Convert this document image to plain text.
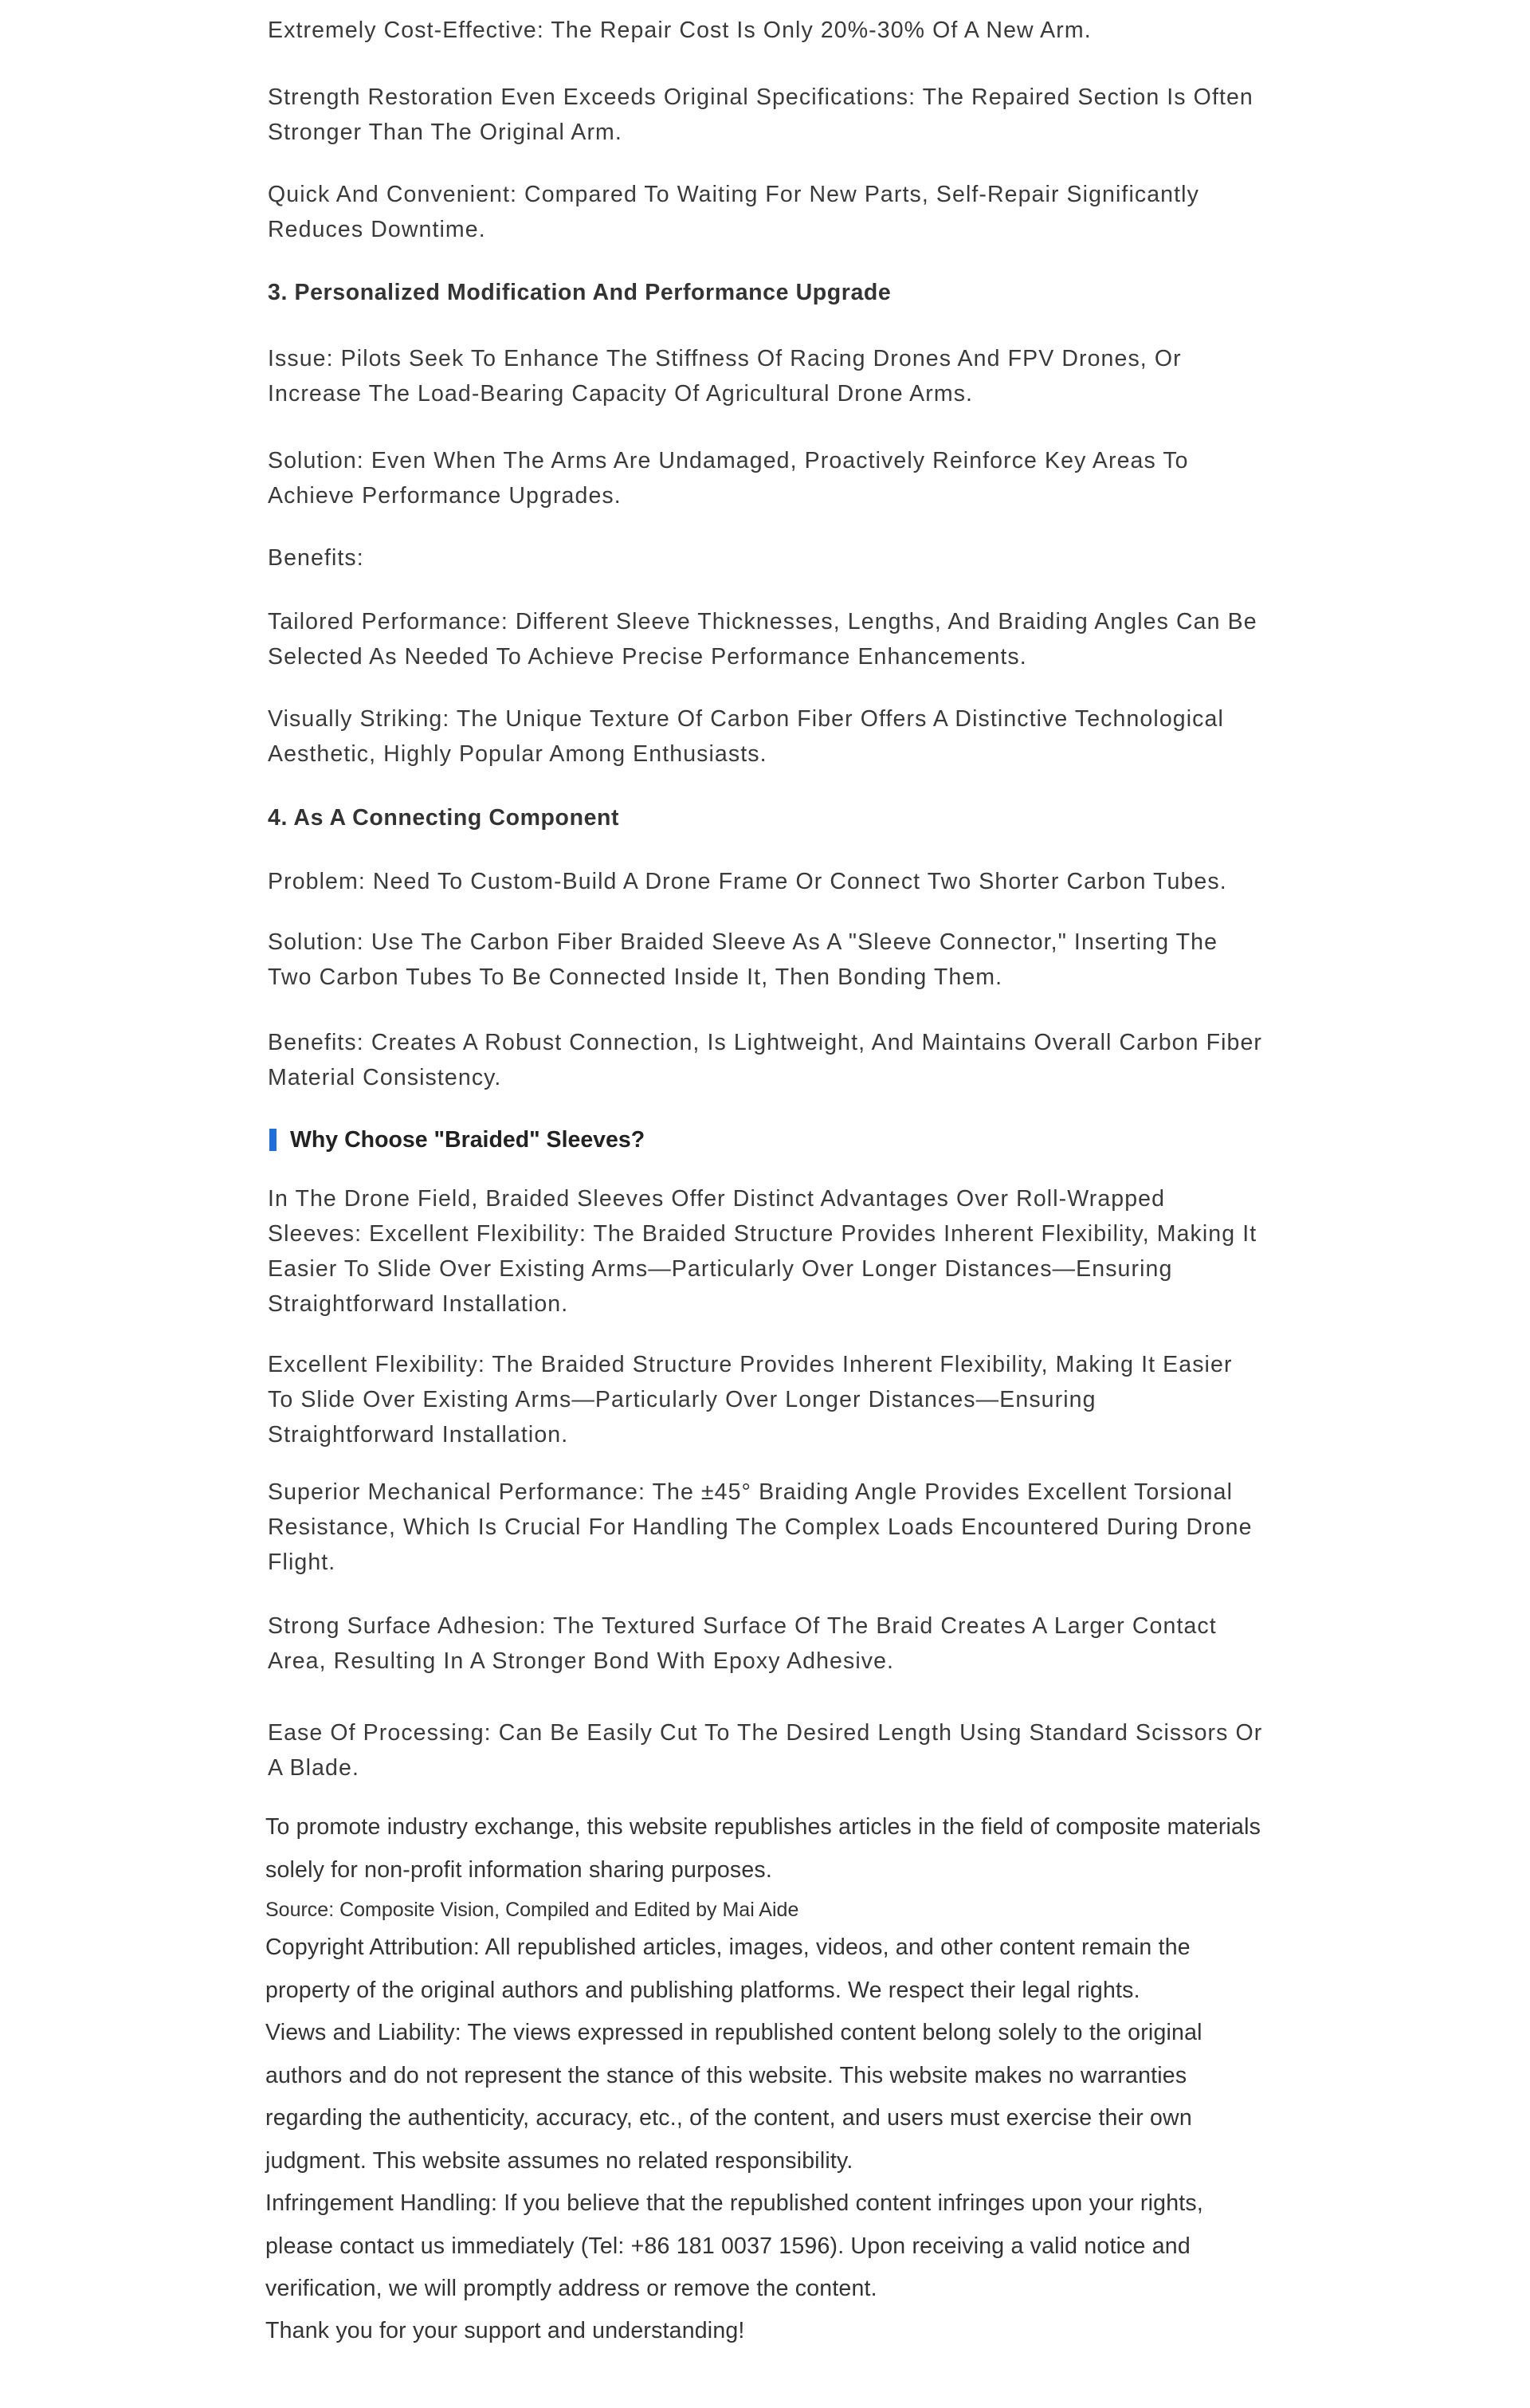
Extremely Cost-Effective: The Repair Cost Is Only 20%-30% Of A New Arm.

Strength Restoration Even Exceeds Original Specifications: The Repaired Section Is Often Stronger Than The Original Arm.

Quick And Convenient: Compared To Waiting For New Parts, Self-Repair Significantly Reduces Downtime.

3. Personalized Modification And Performance Upgrade

Issue: Pilots Seek To Enhance The Stiffness Of Racing Drones And FPV Drones, Or Increase The Load-Bearing Capacity Of Agricultural Drone Arms.

Solution: Even When The Arms Are Undamaged, Proactively Reinforce Key Areas To Achieve Performance Upgrades.

Benefits:

Tailored Performance: Different Sleeve Thicknesses, Lengths, And Braiding Angles Can Be Selected As Needed To Achieve Precise Performance Enhancements.

Visually Striking: The Unique Texture Of Carbon Fiber Offers A Distinctive Technological Aesthetic, Highly Popular Among Enthusiasts.

4. As A Connecting Component

Problem: Need To Custom-Build A Drone Frame Or Connect Two Shorter Carbon Tubes.

Solution: Use The Carbon Fiber Braided Sleeve As A "Sleeve Connector," Inserting The Two Carbon Tubes To Be Connected Inside It, Then Bonding Them.

Benefits: Creates A Robust Connection, Is Lightweight, And Maintains Overall Carbon Fiber Material Consistency.

Why Choose "Braided" Sleeves?

In The Drone Field, Braided Sleeves Offer Distinct Advantages Over Roll-Wrapped Sleeves: Excellent Flexibility: The Braided Structure Provides Inherent Flexibility, Making It Easier To Slide Over Existing Arms—Particularly Over Longer Distances—Ensuring Straightforward Installation.

Excellent Flexibility: The Braided Structure Provides Inherent Flexibility, Making It Easier To Slide Over Existing Arms—Particularly Over Longer Distances—Ensuring Straightforward Installation.

Superior Mechanical Performance: The ±45° Braiding Angle Provides Excellent Torsional Resistance, Which Is Crucial For Handling The Complex Loads Encountered During Drone Flight.

Strong Surface Adhesion: The Textured Surface Of The Braid Creates A Larger Contact Area, Resulting In A Stronger Bond With Epoxy Adhesive.

Ease Of Processing: Can Be Easily Cut To The Desired Length Using Standard Scissors Or A Blade.

To promote industry exchange, this website republishes articles in the field of composite materials solely for non-profit information sharing purposes.

Source: Composite Vision, Compiled and Edited by Mai Aide

Copyright Attribution: All republished articles, images, videos, and other content remain the property of the original authors and publishing platforms. We respect their legal rights.

Views and Liability: The views expressed in republished content belong solely to the original authors and do not represent the stance of this website. This website makes no warranties regarding the authenticity, accuracy, etc., of the content, and users must exercise their own judgment. This website assumes no related responsibility.

Infringement Handling: If you believe that the republished content infringes upon your rights, please contact us immediately (Tel: +86 181 0037 1596). Upon receiving a valid notice and verification, we will promptly address or remove the content.

Thank you for your support and understanding!
